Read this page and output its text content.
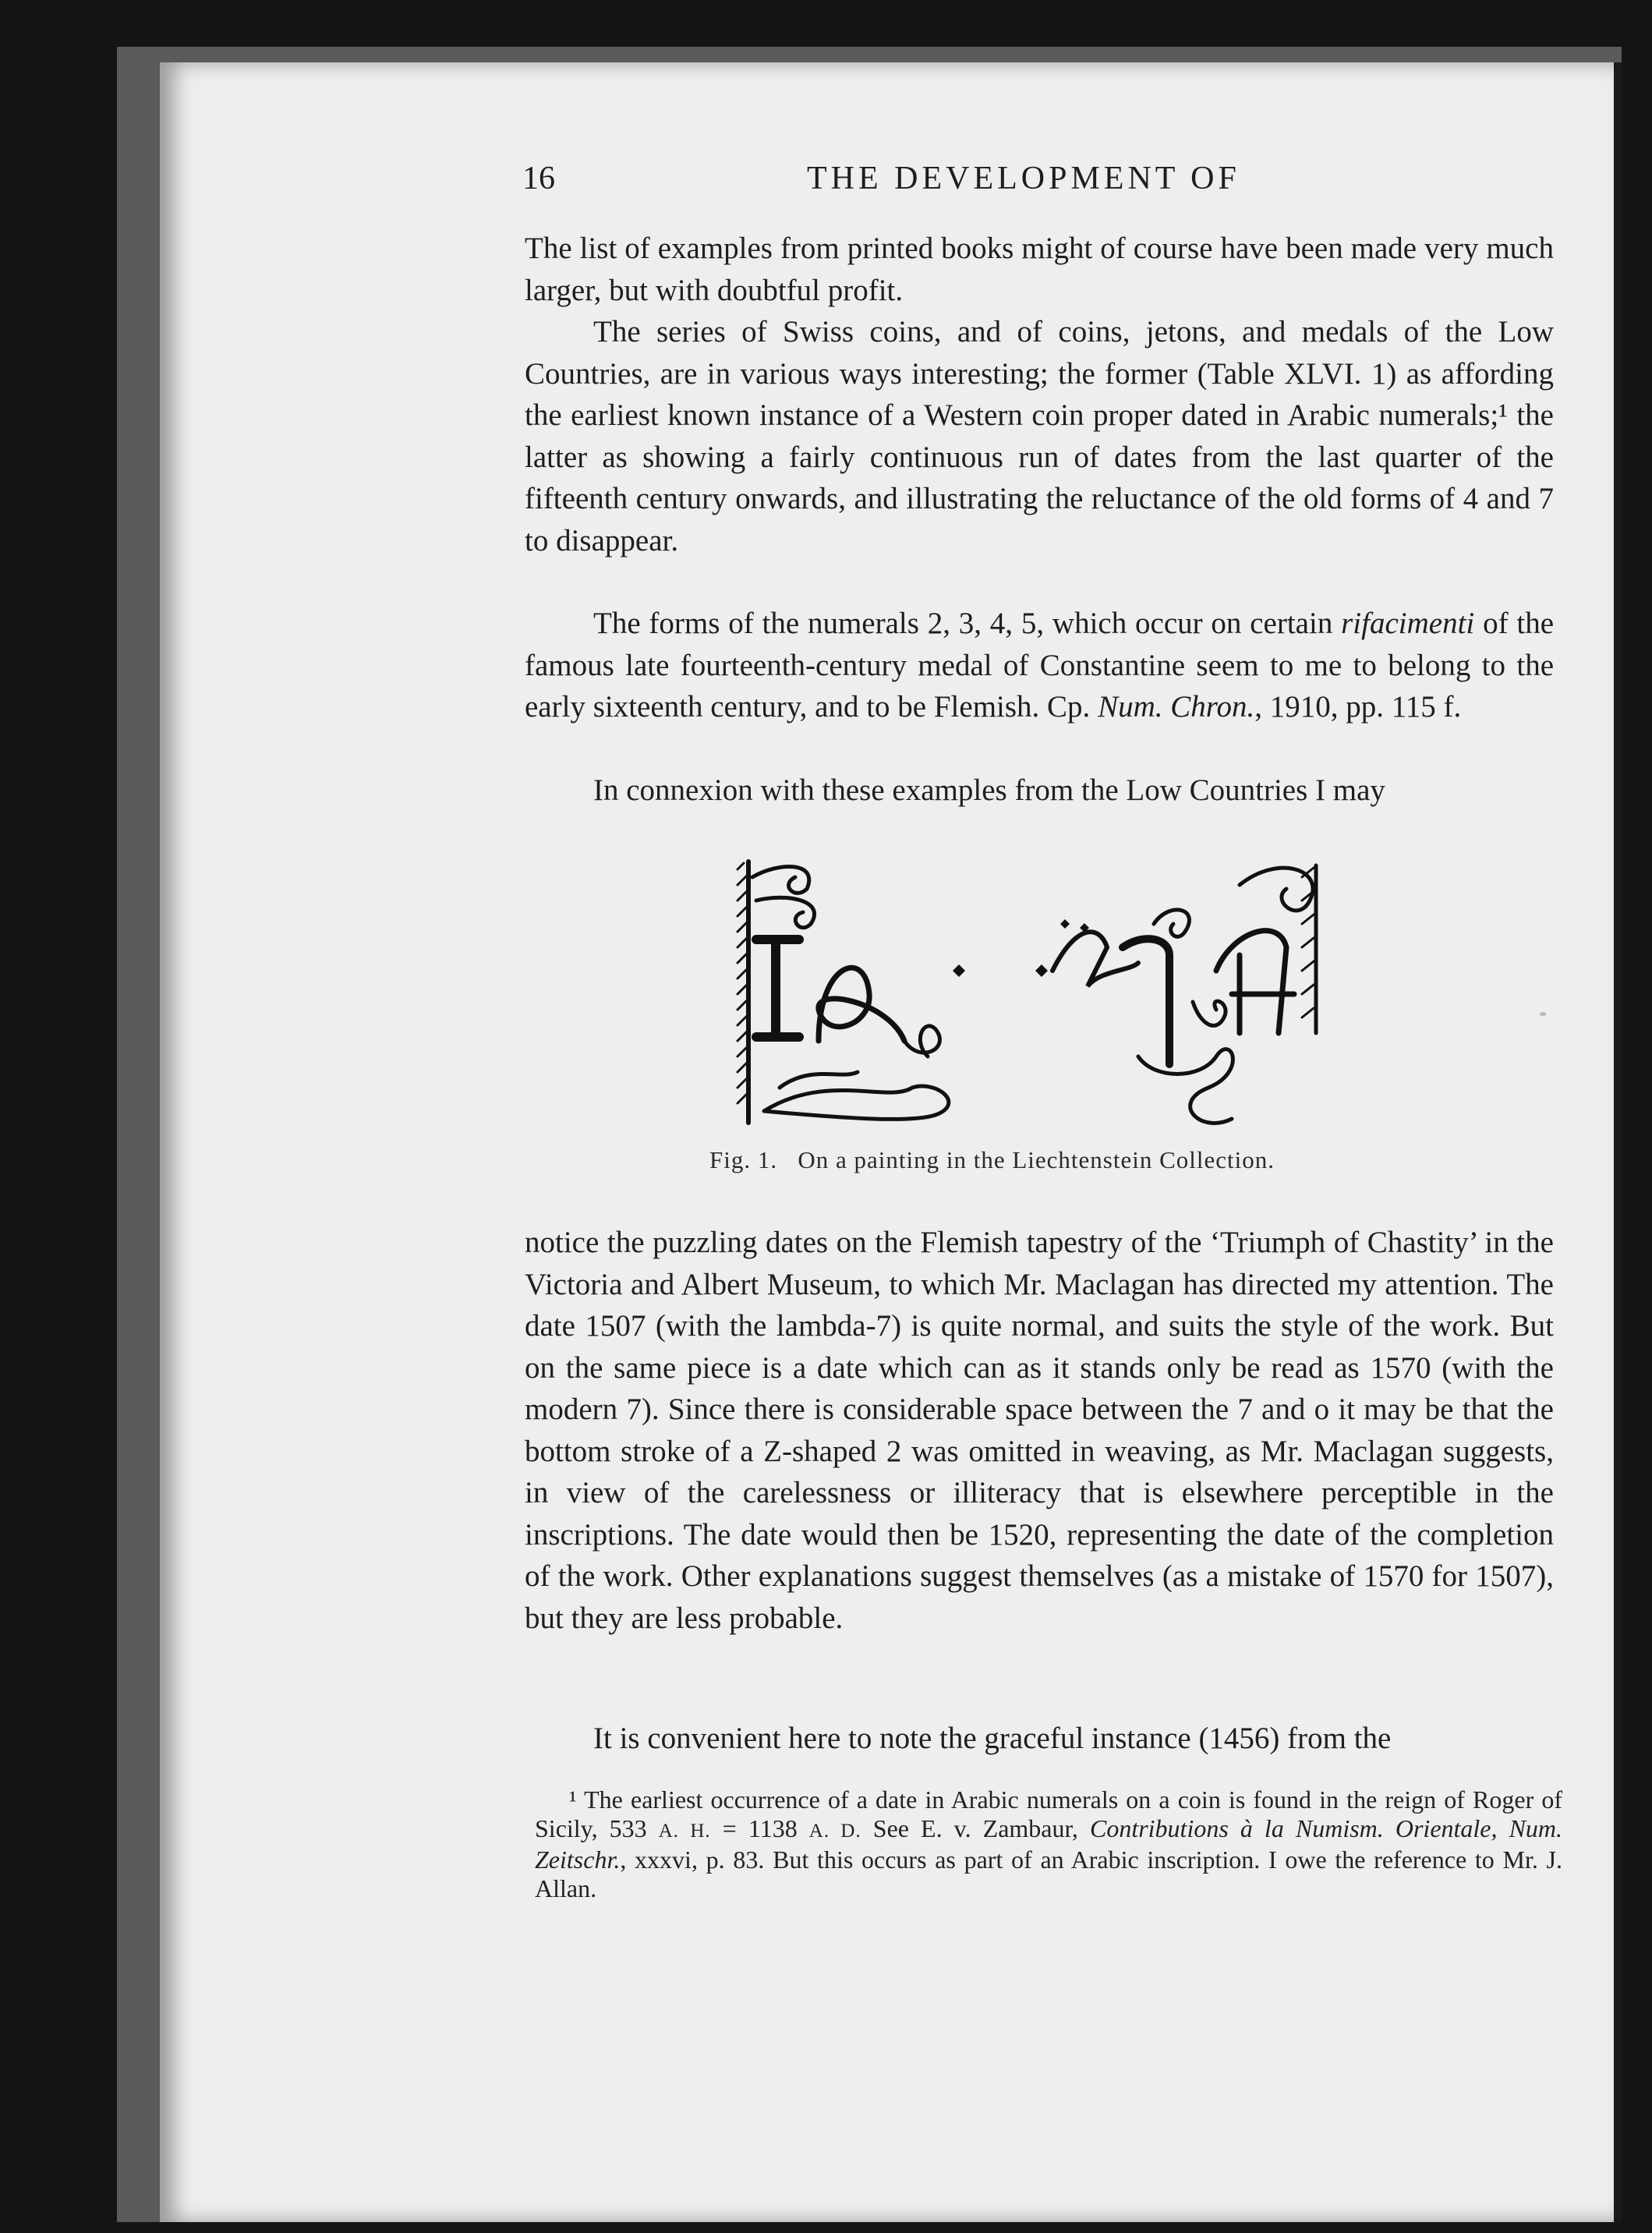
16	THE DEVELOPMENT OF

The list of examples from printed books might of course have been made very much larger, but with doubtful profit.

The series of Swiss coins, and of coins, jetons, and medals of the Low Countries, are in various ways interesting; the former (Table XLVI. 1) as affording the earliest known instance of a Western coin proper dated in Arabic numerals;¹ the latter as showing a fairly continuous run of dates from the last quarter of the fifteenth century onwards, and illustrating the reluctance of the old forms of 4 and 7 to disappear.

The forms of the numerals 2, 3, 4, 5, which occur on certain rifacimenti of the famous late fourteenth-century medal of Constantine seem to me to belong to the early sixteenth century, and to be Flemish. Cp. Num. Chron., 1910, pp. 115 f.

In connexion with these examples from the Low Countries I may

Fig. 1. On a painting in the Liechtenstein Collection.

notice the puzzling dates on the Flemish tapestry of the ‘Triumph of Chastity’ in the Victoria and Albert Museum, to which Mr. Maclagan has directed my attention. The date 1507 (with the lambda-7) is quite normal, and suits the style of the work. But on the same piece is a date which can as it stands only be read as 1570 (with the modern 7). Since there is considerable space between the 7 and o it may be that the bottom stroke of a Z-shaped 2 was omitted in weaving, as Mr. Maclagan suggests, in view of the carelessness or illiteracy that is elsewhere perceptible in the inscriptions. The date would then be 1520, representing the date of the completion of the work. Other explanations suggest themselves (as a mistake of 1570 for 1507), but they are less probable.

It is convenient here to note the graceful instance (1456) from the

¹ The earliest occurrence of a date in Arabic numerals on a coin is found in the reign of Roger of Sicily, 533 A. H. = 1138 A. D. See E. v. Zambaur, Contributions à la Numism. Orientale, Num. Zeitschr., xxxvi, p. 83. But this occurs as part of an Arabic inscription. I owe the reference to Mr. J. Allan.
